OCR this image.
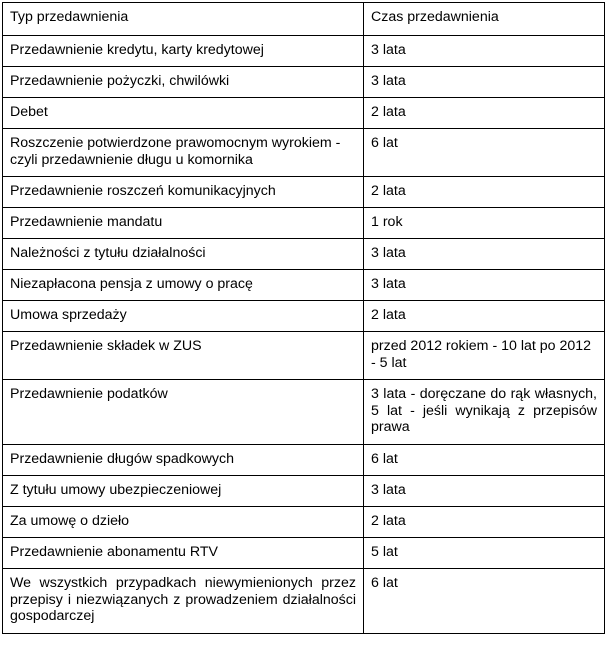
Typ przedawnienia	Czas przedawnienia
Przedawnienie kredytu, karty kredytowej	3 lata
Przedawnienie pożyczki, chwilówki	3 lata
Debet	2 lata
Roszczenie potwierdzone prawomocnym wyrokiem - czyli przedawnienie długu u komornika	6 lat
Przedawnienie roszczeń komunikacyjnych	2 lata
Przedawnienie mandatu	1 rok
Należności z tytułu działalności	3 lata
Niezapłacona pensja z umowy o pracę	3 lata
Umowa sprzedaży	2 lata
Przedawnienie składek w ZUS	przed 2012 rokiem - 10 lat po 2012 - 5 lat
Przedawnienie podatków	3 lata - doręczane do rąk własnych, 5 lat - jeśli wynikają z przepisów prawa
Przedawnienie długów spadkowych	6 lat
Z tytułu umowy ubezpieczeniowej	3 lata
Za umowę o dzieło	2 lata
Przedawnienie abonamentu RTV	5 lat
We wszystkich przypadkach niewymienionych przez przepisy i niezwiązanych z prowadzeniem działalności gospodarczej	6 lat
